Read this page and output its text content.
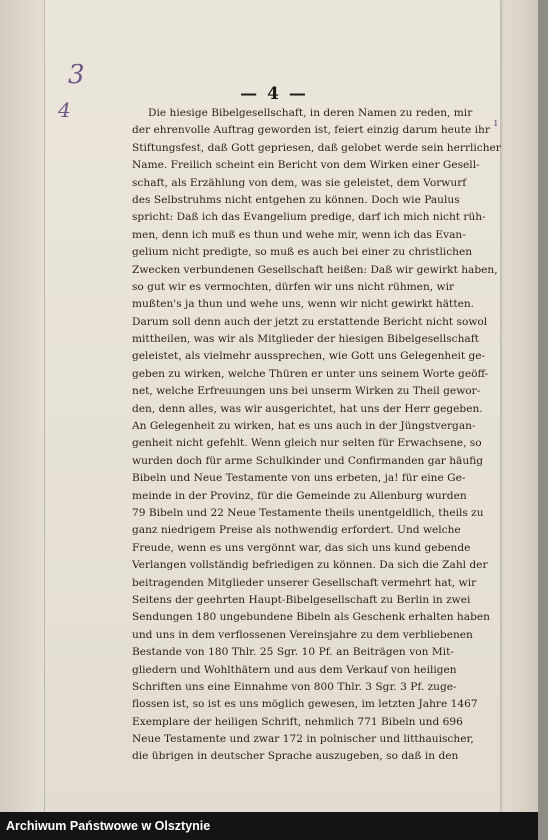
3
4
ı
— 4 —
Die hiesige Bibelgesellschaft, in deren Namen zu reden, mir
der ehrenvolle Auftrag geworden ist, feiert einzig darum heute ihr
Stiftungsfest, daß Gott gepriesen, daß gelobet werde sein herrlicher
Name. Freilich scheint ein Bericht von dem Wirken einer Gesell-
schaft, als Erzählung von dem, was sie geleistet, dem Vorwurf
des Selbstruhms nicht entgehen zu können. Doch wie Paulus
spricht: Daß ich das Evangelium predige, darf ich mich nicht rüh-
men, denn ich muß es thun und wehe mir, wenn ich das Evan-
gelium nicht predigte, so muß es auch bei einer zu christlichen
Zwecken verbundenen Gesellschaft heißen: Daß wir gewirkt haben,
so gut wir es vermochten, dürfen wir uns nicht rühmen, wir
mußten's ja thun und wehe uns, wenn wir nicht gewirkt hätten.
Darum soll denn auch der jetzt zu erstattende Bericht nicht sowol
mittheilen, was wir als Mitglieder der hiesigen Bibelgesellschaft
geleistet, als vielmehr aussprechen, wie Gott uns Gelegenheit ge-
geben zu wirken, welche Thüren er unter uns seinem Worte geöff-
net, welche Erfreuungen uns bei unserm Wirken zu Theil gewor-
den, denn alles, was wir ausgerichtet, hat uns der Herr gegeben.
An Gelegenheit zu wirken, hat es uns auch in der Jüngstvergan-
genheit nicht gefehlt. Wenn gleich nur selten für Erwachsene, so
wurden doch für arme Schulkinder und Confirmanden gar häufig
Bibeln und Neue Testamente von uns erbeten, ja! für eine Ge-
meinde in der Provinz, für die Gemeinde zu Allenburg wurden
79 Bibeln und 22 Neue Testamente theils unentgeldlich, theils zu
ganz niedrigem Preise als nothwendig erfordert. Und welche
Freude, wenn es uns vergönnt war, das sich uns kund gebende
Verlangen vollständig befriedigen zu können. Da sich die Zahl der
beitragenden Mitglieder unserer Gesellschaft vermehrt hat, wir
Seitens der geehrten Haupt-Bibelgesellschaft zu Berlin in zwei
Sendungen 180 ungebundene Bibeln als Geschenk erhalten haben
und uns in dem verflossenen Vereinsjahre zu dem verbliebenen
Bestande von 180 Thlr. 25 Sgr. 10 Pf. an Beiträgen von Mit-
gliedern und Wohlthätern und aus dem Verkauf von heiligen
Schriften uns eine Einnahme von 800 Thlr. 3 Sgr. 3 Pf. zuge-
flossen ist, so ist es uns möglich gewesen, im letzten Jahre 1467
Exemplare der heiligen Schrift, nehmlich 771 Bibeln und 696
Neue Testamente und zwar 172 in polnischer und litthauischer,
die übrigen in deutscher Sprache auszugeben, so daß in den
Archiwum Państwowe w Olsztynie
